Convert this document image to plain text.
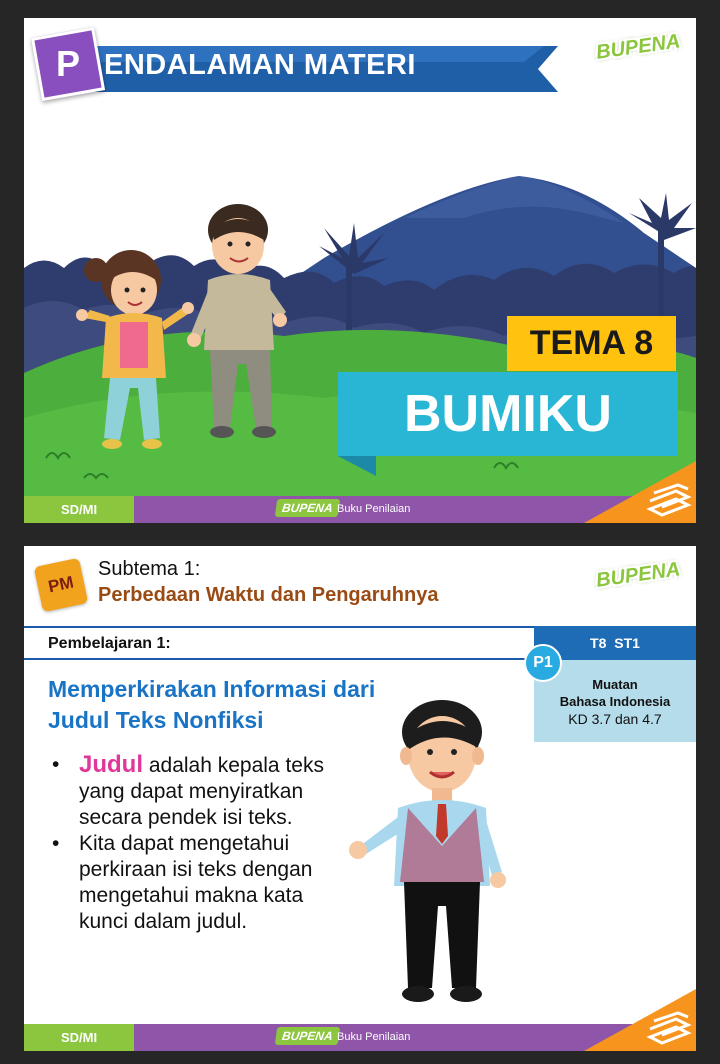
P ENDALAMAN MATERI
BUPENA
TEMA 8
BUMIKU
SD/MI	BUPENA Buku Penilaian
PM
Subtema 1:
Perbedaan Waktu dan Pengaruhnya
BUPENA
Pembelajaran 1:	T8 ST1
Muatan
Bahasa Indonesia
KD 3.7 dan 4.7
P1
Memperkirakan Informasi dari Judul Teks Nonfiksi
• Judul adalah kepala teks yang dapat menyiratkan secara pendek isi teks.
• Kita dapat mengetahui perkiraan isi teks dengan mengetahui makna kata kunci dalam judul.
SD/MI	BUPENA Buku Penilaian
